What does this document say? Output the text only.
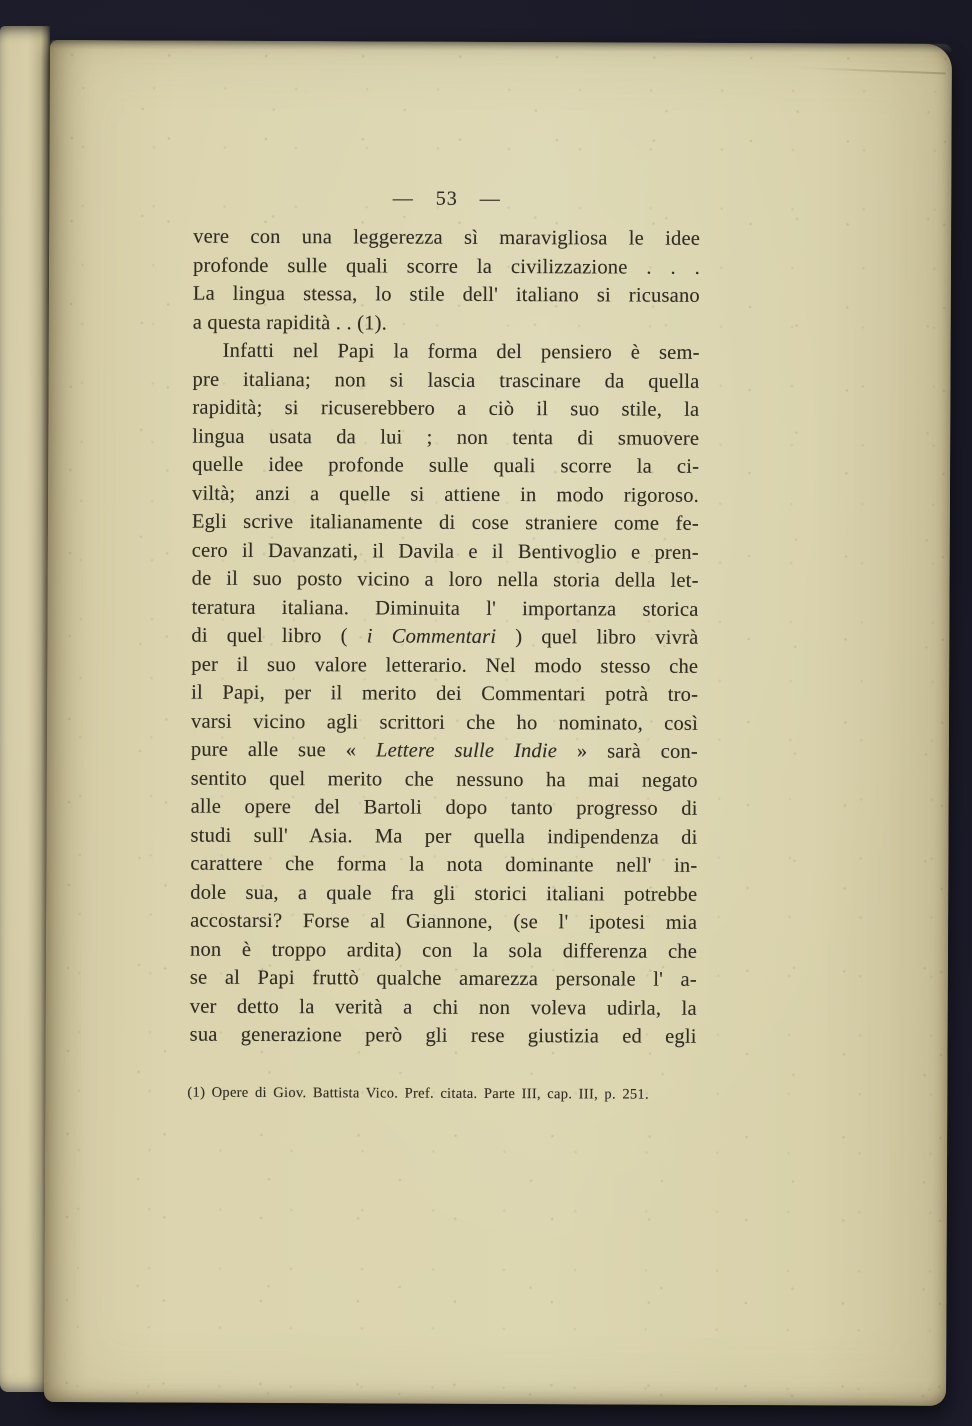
— 53 —
vere con una leggerezza sì maravigliosa le idee
profonde sulle quali scorre la civilizzazione . . .
La lingua stessa, lo stile dell' italiano si ricusano
a questa rapidità . . (1).
Infatti nel Papi la forma del pensiero è sem-
pre italiana; non si lascia trascinare da quella
rapidità; si ricuserebbero a ciò il suo stile, la
lingua usata da lui ; non tenta di smuovere
quelle idee profonde sulle quali scorre la ci-
viltà; anzi a quelle si attiene in modo rigoroso.
Egli scrive italianamente di cose straniere come fe-
cero il Davanzati, il Davila e il Bentivoglio e pren-
de il suo posto vicino a loro nella storia della let-
teratura italiana. Diminuita l' importanza storica
di quel libro ( i Commentari ) quel libro vivrà
per il suo valore letterario. Nel modo stesso che
il Papi, per il merito dei Commentari potrà tro-
varsi vicino agli scrittori che ho nominato, così
pure alle sue « Lettere sulle Indie » sarà con-
sentito quel merito che nessuno ha mai negato
alle opere del Bartoli dopo tanto progresso di
studi sull' Asia. Ma per quella indipendenza di
carattere che forma la nota dominante nell' in-
dole sua, a quale fra gli storici italiani potrebbe
accostarsi? Forse al Giannone, (se l' ipotesi mia
non è troppo ardita) con la sola differenza che
se al Papi fruttò qualche amarezza personale l' a-
ver detto la verità a chi non voleva udirla, la
sua generazione però gli rese giustizia ed egli
(1) Opere di Giov. Battista Vico. Pref. citata. Parte III, cap. III, p. 251.
